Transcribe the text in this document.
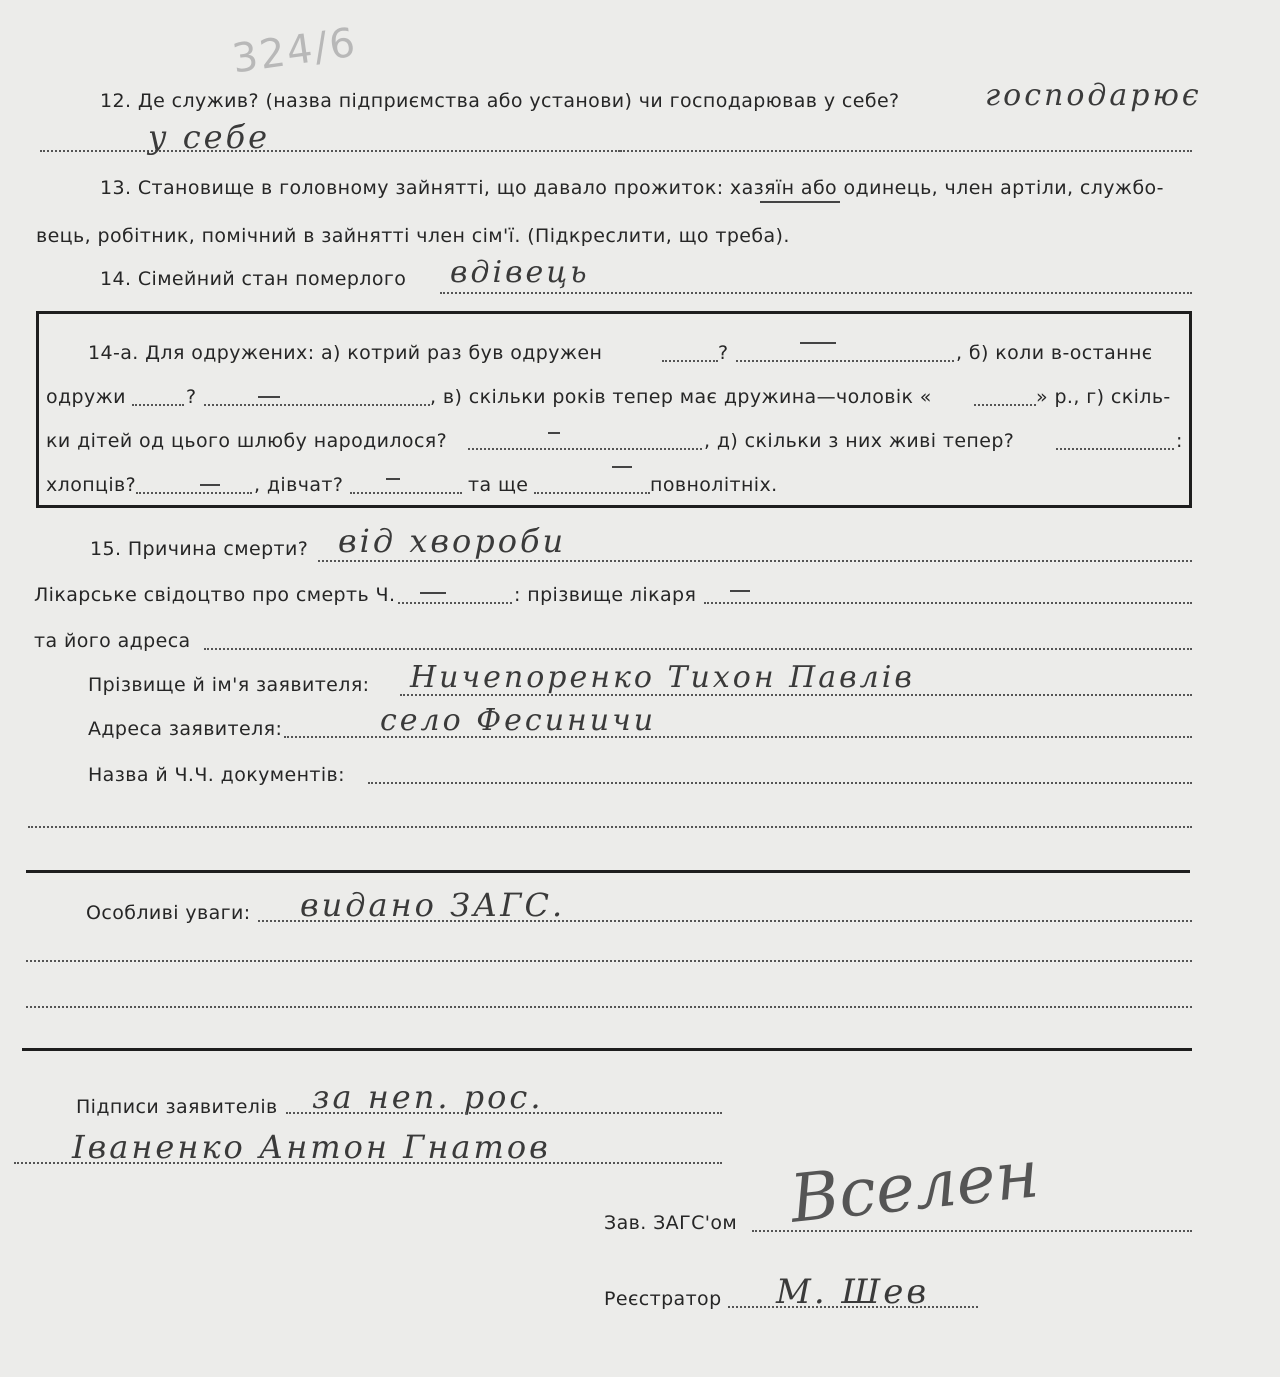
324/6
12. Де служив? (назва підприємства або установи) чи господарював у себе?	господарює
у себе
13. Становище в головному зайнятті, що давало прожиток: хазяїн або одинець, член артіли, службо-
вець, робітник, помічний в зайнятті член сім'ї. (Підкреслити, що треба).
14. Сімейний стан померлого вдівець
14-а. Для одружених: а) котрий раз був одружен	?	, б) коли в-останнє
одружи	?	, в) скільки років тепер має дружина—чоловік «	» р., г) скіль-
ки дітей од цього шлюбу народилося?	, д) скільки з них живі тепер?	:
хлопців?	, дівчат?	та ще	повнолітніх.
15. Причина смерти? від хвороби
Лікарське свідоцтво про смерть Ч.	: прізвище лікаря
та його адреса
Прізвище й ім'я заявителя: Ничепоренко Тихон Павлів
Адреса заявителя:	село Фесиничи
Назва й Ч.Ч. документів:
Особливі уваги: видано ЗАГС.
Підписи заявителів за неп. рос.
Іваненко Антон Гнатов
Зав. ЗАГС'ом Вселен
Реєстратор М. Шев
